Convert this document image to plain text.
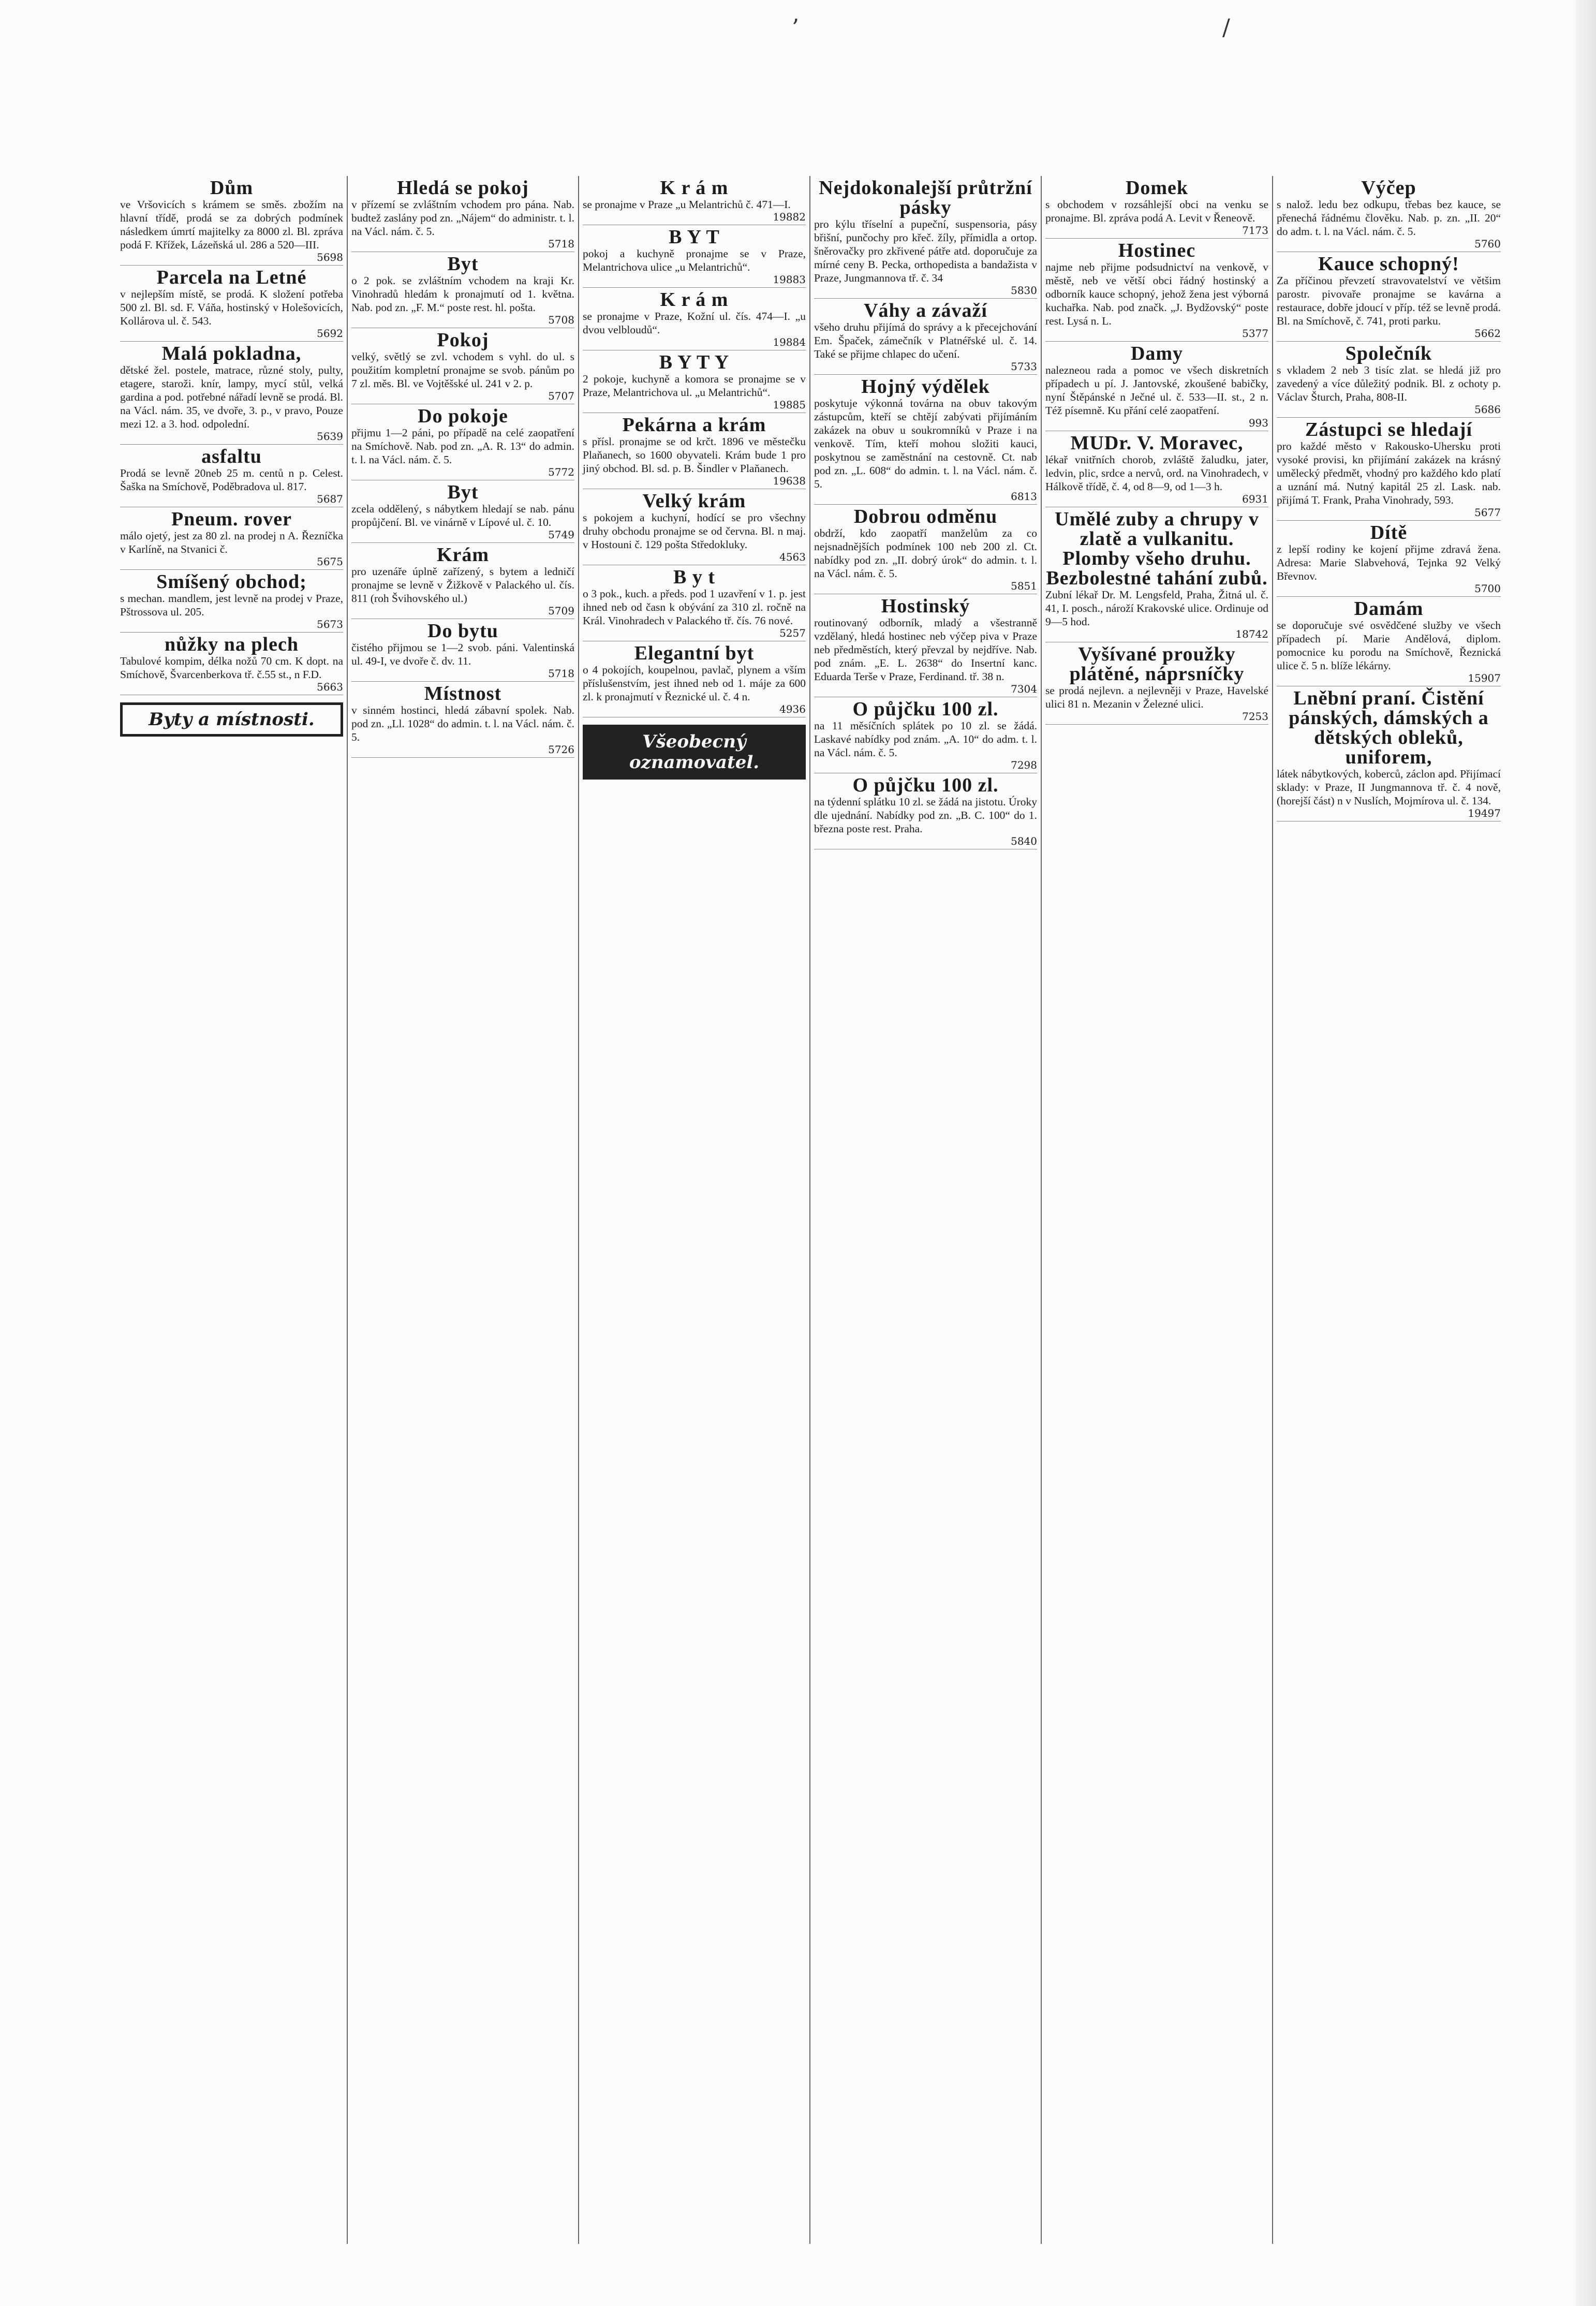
’	/
Dům
ve Vršovicích s krámem se směs. zbožím na hlavní třídě, prodá se za dobrých podmínek následkem úmrtí majitelky za 8000 zl. Bl. zpráva podá F. Křížek, Lázeňská ul. 286 a 520—III.
5698
Parcela na Letné
v nejlepším místě, se prodá. K složení potřeba 500 zl. Bl. sd. F. Váňa, hostinský v Holešovicích, Kollárova ul. č. 543.
5692
Malá pokladna,
dětské žel. postele, matrace, různé stoly, pulty, etagere, staroži. knír, lampy, mycí stůl, velká gardina a pod. potřebné nářadí levně se prodá. Bl. na Václ. nám. 35, ve dvoře, 3. p., v pravo, Pouze mezi 12. a 3. hod. odpolední.
5639
asfaltu
Prodá se levně 20neb 25 m. centů n p. Celest. Šaška na Smíchově, Poděbradova ul. 817.
5687
Pneum. rover
málo ojetý, jest za 80 zl. na prodej n A. Řezníčka v Karlíně, na Stvanici č.
5675
Smíšený obchod;
s mechan. mandlem, jest levně na prodej v Praze, Pštrossova ul. 205.
5673
nůžky na plech
Tabulové kompim, délka nožů 70 cm. K dopt. na Smíchově, Švarcenberkova tř. č.55 st., n F.D.
5663
Byty a místnosti.
Hledá se pokoj
v přízemí se zvláštním vchodem pro pána. Nab. budtež zaslány pod zn. „Nájem“ do administr. t. l. na Václ. nám. č. 5.
5718
Byt
o 2 pok. se zvláštním vchodem na kraji Kr. Vinohradů hledám k pronajmutí od 1. května. Nab. pod zn. „F. M.“ poste rest. hl. pošta.
5708
Pokoj
velký, světlý se zvl. vchodem s vyhl. do ul. s použitím kompletní pronajme se svob. pánům po 7 zl. měs. Bl. ve Vojtěšské ul. 241 v 2. p.
5707
Do pokoje
přijmu 1—2 páni, po případě na celé zaopatření na Smíchově. Nab. pod zn. „A. R. 13“ do admin. t. l. na Václ. nám. č. 5.
5772
Byt
zcela oddělený, s nábytkem hledají se nab. pánu propůjčení. Bl. ve vinárně v Lípové ul. č. 10.
5749
Krám
pro uzenáře úplně zařízený, s bytem a ledničí pronajme se levně v Žižkově v Palackého ul. čís. 811 (roh Švihovského ul.)
5709
Do bytu
čistého přijmou se 1—2 svob. páni. Valentinská ul. 49-I, ve dvoře č. dv. 11.
5718
Místnost
v sinném hostinci, hledá zábavní spolek. Nab. pod zn. „Ll. 1028“ do admin. t. l. na Václ. nám. č. 5.
5726
K r á m
se pronajme v Praze „u Melantrichů č. 471—I.
19882
B Y T
pokoj a kuchyně pronajme se v Praze, Melantrichova ulice „u Melantrichů“.
19883
K r á m
se pronajme v Praze, Kožní ul. čís. 474—I. „u dvou velbloudů“.
19884
B Y T Y
2 pokoje, kuchyně a komora se pronajme se v Praze, Melantrichova ul. „u Melantrichů“.
19885
Pekárna a krám
s přísl. pronajme se od krčt. 1896 ve městečku Plaňanech, so 1600 obyvateli. Krám bude 1 pro jiný obchod. Bl. sd. p. B. Šindler v Plaňanech.
19638
Velký krám
s pokojem a kuchyní, hodící se pro všechny druhy obchodu pronajme se od června. Bl. n maj. v Hostouni č. 129 pošta Středokluky.
4563
B y t
o 3 pok., kuch. a předs. pod 1 uzavření v 1. p. jest ihned neb od časn k obývání za 310 zl. ročně na Král. Vinohradech v Palackého tř. čís. 76 nové.
5257
Elegantní byt
o 4 pokojích, koupelnou, pavlač, plynem a vším příslušenstvím, jest ihned neb od 1. máje za 600 zl. k pronajmutí v Řeznické ul. č. 4 n.
4936
Všeobecný oznamovatel.
Nejdokonalejší průtržní pásky
pro kýlu tříselní a pupeční, suspensoria, pásy břišní, punčochy pro křeč. žíly, přímidla a ortop. šněrovačky pro zkřivené pátře atd. doporučuje za mírné ceny B. Pecka, orthopedista a bandažista v Praze, Jungmannova tř. č. 34
5830
Váhy a závaží
všeho druhu přijímá do správy a k přecejchování Em. Špaček, zámečník v Platnéřské ul. č. 14. Také se přijme chlapec do učení.
5733
Hojný výdělek
poskytuje výkonná továrna na obuv takovým zástupcům, kteří se chtějí zabývati přijímáním zakázek na obuv u soukromníků v Praze i na venkově. Tím, kteří mohou složiti kauci, poskytnou se zaměstnání na cestovně. Ct. nab pod zn. „L. 608“ do admin. t. l. na Václ. nám. č. 5.
6813
Dobrou odměnu
obdrží, kdo zaopatří manželům za co nejsnadnějších podmínek 100 neb 200 zl. Ct. nabídky pod zn. „II. dobrý úrok“ do admin. t. l. na Václ. nám. č. 5.
5851
Hostinský
routinovaný odborník, mladý a všestranně vzdělaný, hledá hostinec neb výčep piva v Praze neb předměstích, který převzal by nejdříve. Nab. pod znám. „E. L. 2638“ do Insertní kanc. Eduarda Terše v Praze, Ferdinand. tř. 38 n.
7304
O půjčku 100 zl.
na 11 měsíčních splátek po 10 zl. se žádá. Laskavé nabídky pod znám. „A. 10“ do adm. t. l. na Václ. nám. č. 5.
7298
O půjčku 100 zl.
na týdenní splátku 10 zl. se žádá na jistotu. Úroky dle ujednání. Nabídky pod zn. „B. C. 100“ do 1. března poste rest. Praha.
5840
Domek
s obchodem v rozsáhlejší obci na venku se pronajme. Bl. zpráva podá A. Levit v Řeneově.
7173
Hostinec
najme neb přijme podsudnictví na venkově, v městě, neb ve větší obci řádný hostinský a odborník kauce schopný, jehož žena jest výborná kuchařka. Nab. pod značk. „J. Bydžovský“ poste rest. Lysá n. L.
5377
Damy
nalezneou rada a pomoc ve všech diskretních případech u pí. J. Jantovské, zkoušené babičky, nyní Štěpánské n Ječné ul. č. 533—II. st., 2 n. Též písemně. Ku přání celé zaopatření.
993
MUDr. V. Moravec,
lékař vnitřních chorob, zvláště žaludku, jater, ledvin, plic, srdce a nervů, ord. na Vinohradech, v Hálkově třídě, č. 4, od 8—9, od 1—3 h.
6931
Umělé zuby a chrupy v zlatě a vulkanitu. Plomby všeho druhu. Bezbolestné tahání zubů.
Zubní lékař Dr. M. Lengsfeld, Praha, Žitná ul. č. 41, I. posch., nároží Krakovské ulice. Ordinuje od 9—5 hod.
18742
Vyšívané proužky plátěné, náprsníčky
se prodá nejlevn. a nejlevněji v Praze, Havelské ulici 81 n. Mezanin v Železné ulici.
7253
Výčep
s nalož. ledu bez odkupu, třebas bez kauce, se přenechá řádnému člověku. Nab. p. zn. „II. 20“ do adm. t. l. na Václ. nám. č. 5.
5760
Kauce schopný!
Za příčinou převzetí stravovatelství ve většim parostr. pivovaře pronajme se kavárna a restaurace, dobře jdoucí v příp. též se levně prodá. Bl. na Smíchově, č. 741, proti parku.
5662
Společník
s vkladem 2 neb 3 tisíc zlat. se hledá již pro zavedený a více důležitý podnik. Bl. z ochoty p. Václav Šturch, Praha, 808-II.
5686
Zástupci se hledají
pro každé město v Rakousko-Uhersku proti vysoké provisi, kn přijímání zakázek na krásný umělecký předmět, vhodný pro každého kdo platí a uznání má. Nutný kapitál 25 zl. Lask. nab. přijímá T. Frank, Praha Vinohrady, 593.
5677
Dítě
z lepší rodiny ke kojení přijme zdravá žena. Adresa: Marie Slabvehová, Tejnka 92 Velký Břevnov.
5700
Damám
se doporučuje své osvědčené služby ve všech případech pí. Marie Andělová, diplom. pomocnice ku porodu na Smíchově, Řeznická ulice č. 5 n. blíže lékárny.
15907
Lněbní praní. Čistění pánských, dámských a dětských obleků, uniforem,
látek nábytkových, koberců, záclon apd. Přijímací sklady: v Praze, II Jungmannova tř. č. 4 nově, (horejší část) n v Nuslích, Mojmírova ul. č. 134.
19497
